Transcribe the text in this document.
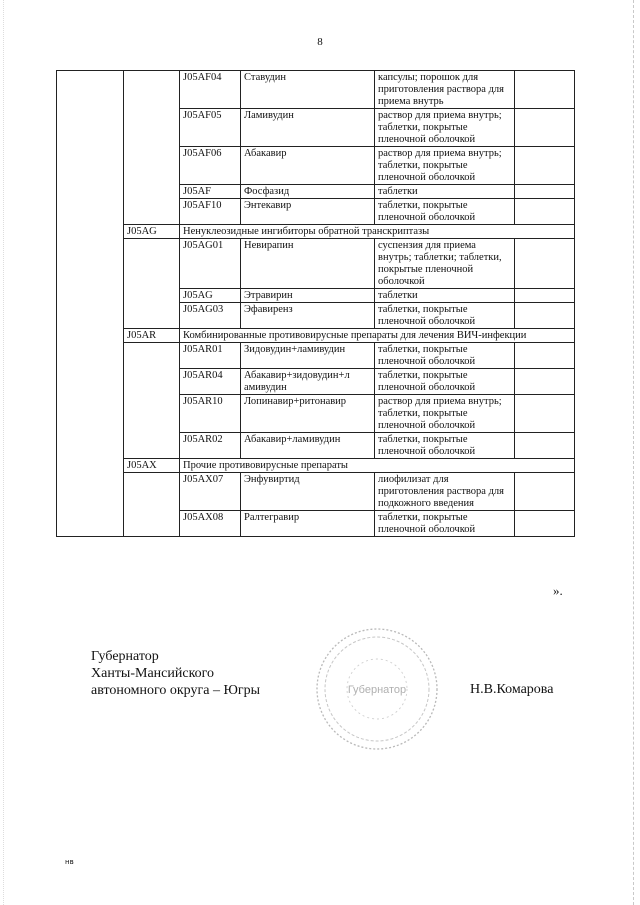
8
		J05AF04	Ставудин	капсулы; порошок для приготовления раствора для приема внутрь	
		J05AF05	Ламивудин	раствор для приема внутрь; таблетки, покрытые пленочной оболочкой	
		J05AF06	Абакавир	раствор для приема внутрь; таблетки, покрытые пленочной оболочкой	
		J05AF	Фосфазид	таблетки	
		J05AF10	Энтекавир	таблетки, покрытые пленочной оболочкой	
	J05AG	Ненуклеозидные ингибиторы обратной транскриптазы			
		J05AG01	Невирапин	суспензия для приема внутрь; таблетки; таблетки, покрытые пленочной оболочкой	
		J05AG	Этравирин	таблетки	
		J05AG03	Эфавиренз	таблетки, покрытые пленочной оболочкой	
	J05AR	Комбинированные противовирусные препараты для лечения ВИЧ-инфекции			
		J05AR01	Зидовудин+ламивудин	таблетки, покрытые пленочной оболочкой	
		J05AR04	Абакавир+зидовудин+л амивудин	таблетки, покрытые пленочной оболочкой	
		J05AR10	Лопинавир+ритонавир	раствор для приема внутрь; таблетки, покрытые пленочной оболочкой	
		J05AR02	Абакавир+ламивудин	таблетки, покрытые пленочной оболочкой	
	J05AX	Прочие противовирусные препараты			
		J05AX07	Энфувиртид	лиофилизат для приготовления раствора для подкожного введения	
		J05AX08	Ралтегравир	таблетки, покрытые пленочной оболочкой	
».
Губернатор
Ханты-Мансийского
автономного округа – Югры	Губернатор	Н.В.Комарова
нв
